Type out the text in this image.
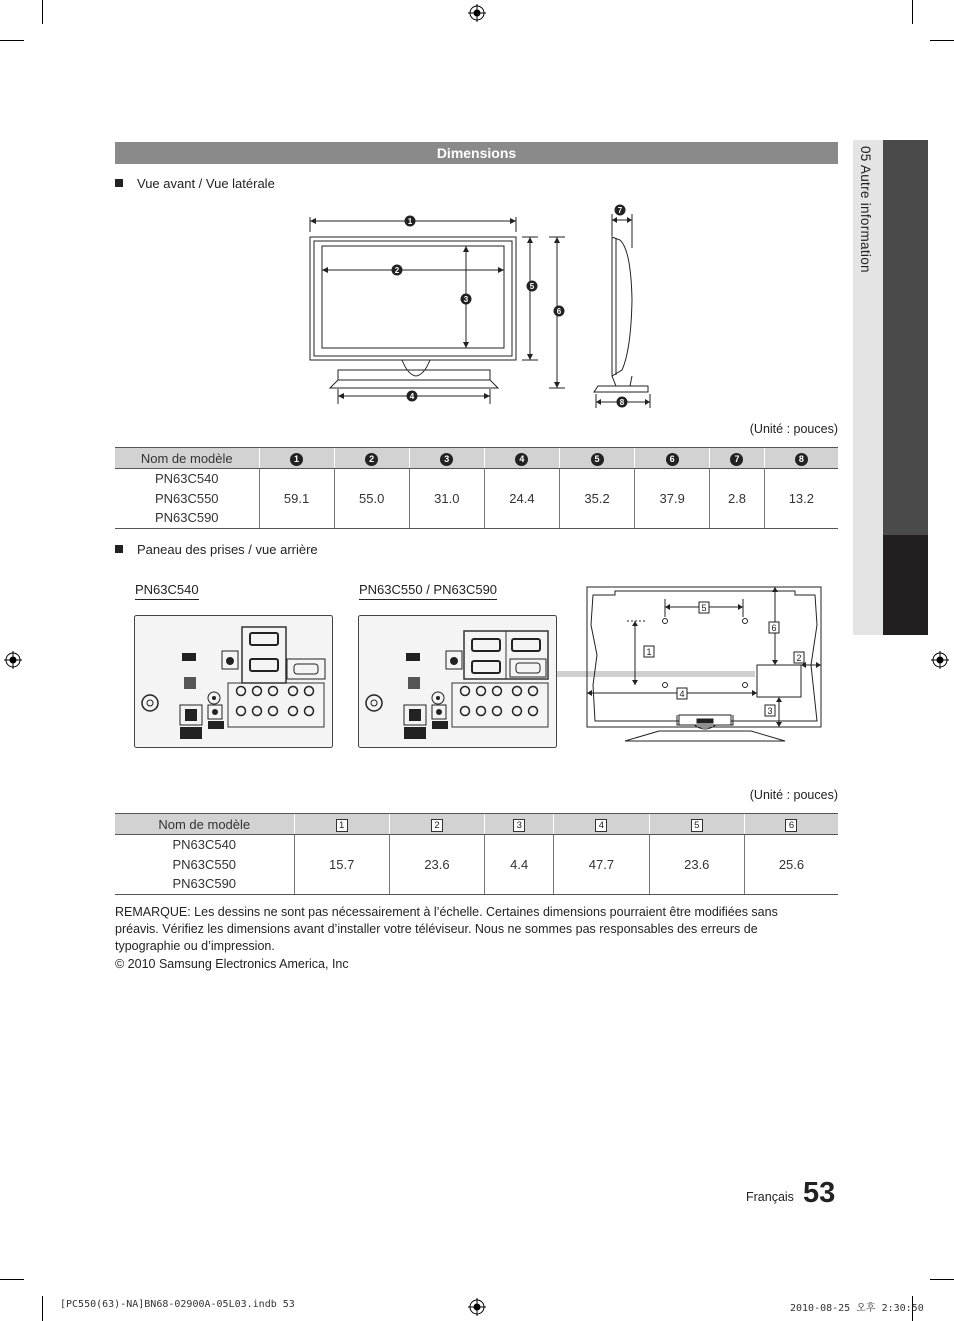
05 Autre information
Dimensions
Vue avant / Vue latérale
1
2
3
4
5
6
7
8
(Unité : pouces)
Nom de modèle	1	2	3	4	5	6	7	8

PN63C540
PN63C550
PN63C590	59.1	55.0	31.0	24.4	35.2	37.9	2.8	13.2
Paneau des prises / vue arrière
PN63C540	PN63C550 / PN63C590
5
1
6
2
3
4
(Unité : pouces)
Nom de modèle	1	2	3	4	5	6

PN63C540
PN63C550
PN63C590	15.7	23.6	4.4	47.7	23.6	25.6
REMARQUE: Les dessins ne sont pas nécessairement à l’échelle. Certaines dimensions pourraient être modifiées sans préavis. Vérifiez les dimensions avant d’installer votre téléviseur. Nous ne sommes pas responsables des erreurs de typographie ou d’impression.
© 2010 Samsung Electronics America, Inc
Français 53
[PC550(63)-NA]BN68-02900A-05L03.indb 53	2010-08-25 오후 2:30:50
